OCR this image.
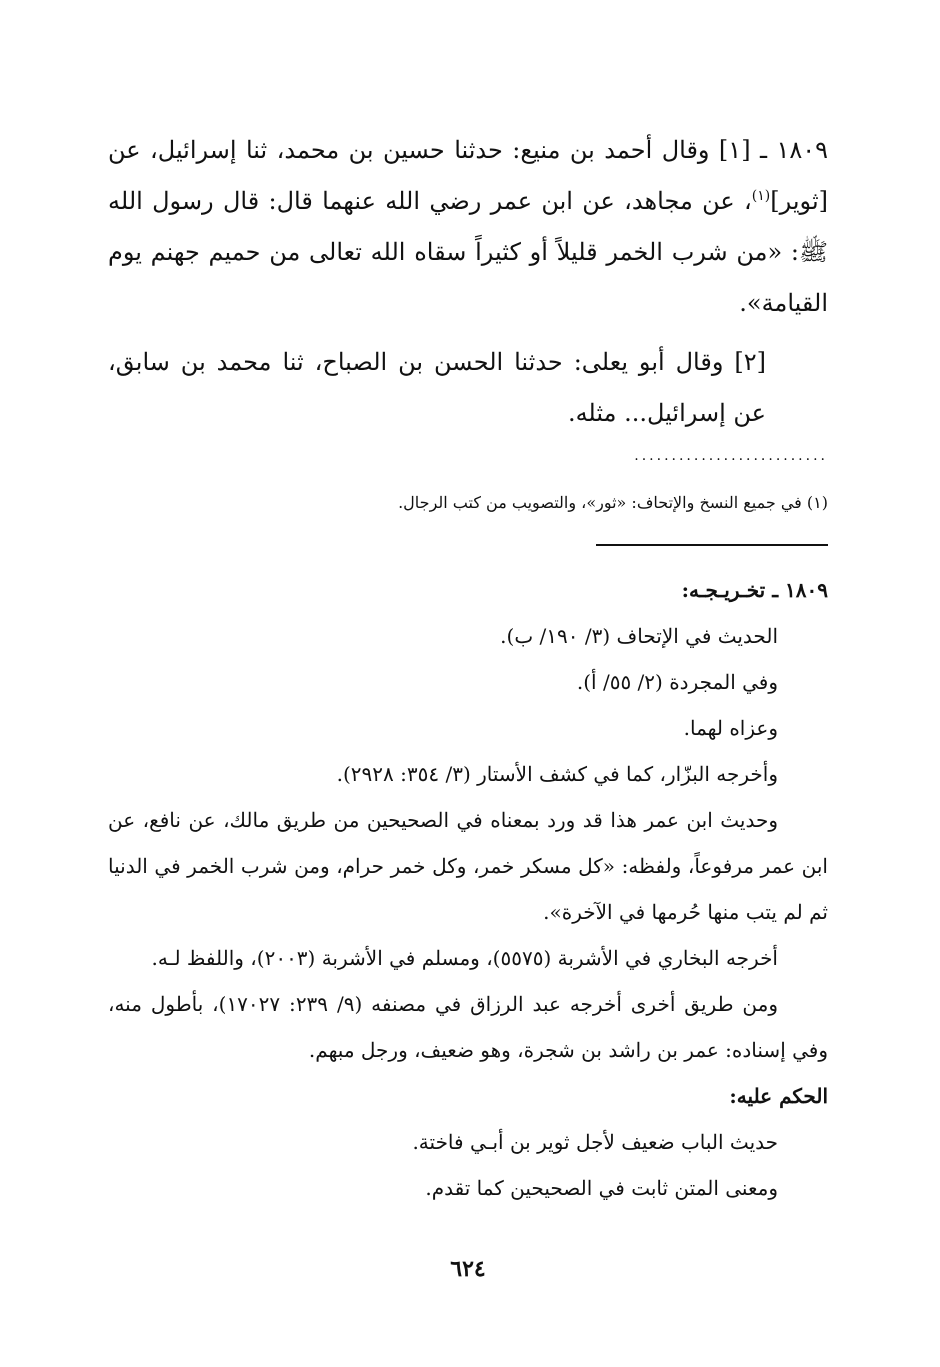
١٨٠٩ ـ [١] وقال أحمد بن منيع: حدثنا حسين بن محمد، ثنا إسرائيل، عن [ثوير]$^{(١)}$، عن مجاهد، عن ابن عمر رضي الله عنهما قال: قال رسول الله ﷺ: «من شرب الخمر قليلاً أو كثيراً سقاه الله تعالى من حميم جهنم يوم القيامة».

[٢] وقال أبو يعلى: حدثنا الحسن بن الصباح، ثنا محمد بن سابق، عن إسرائيل... مثله.

..........................

(١) في جميع النسخ والإتحاف: «ثور»، والتصويب من كتب الرجال.

١٨٠٩ ـ تخـريـجـه:

الحديث في الإتحاف (٣/ ١٩٠/ ب).

وفي المجردة (٢/ ٥٥/ أ).

وعزاه لهما.

وأخرجه البزّار، كما في كشف الأستار (٣/ ٣٥٤: ٢٩٢٨).

وحديث ابن عمر هذا قد ورد بمعناه في الصحيحين من طريق مالك، عن نافع، عن ابن عمر مرفوعاً، ولفظه: «كل مسكر خمر، وكل خمر حرام، ومن شرب الخمر في الدنيا ثم لم يتب منها حُرمها في الآخرة».

أخرجه البخاري في الأشربة (٥٥٧٥)، ومسلم في الأشربة (٢٠٠٣)، واللفظ لـه.

ومن طريق أخرى أخرجه عبد الرزاق في مصنفه (٩/ ٢٣٩: ١٧٠٢٧)، بأطول منه، وفي إسناده: عمر بن راشد بن شجرة، وهو ضعيف، ورجل مبهم.

الحكم عليه:

حديث الباب ضعيف لأجل ثوير بن أبـي فاختة.

ومعنى المتن ثابت في الصحيحين كما تقدم.

٦٢٤
